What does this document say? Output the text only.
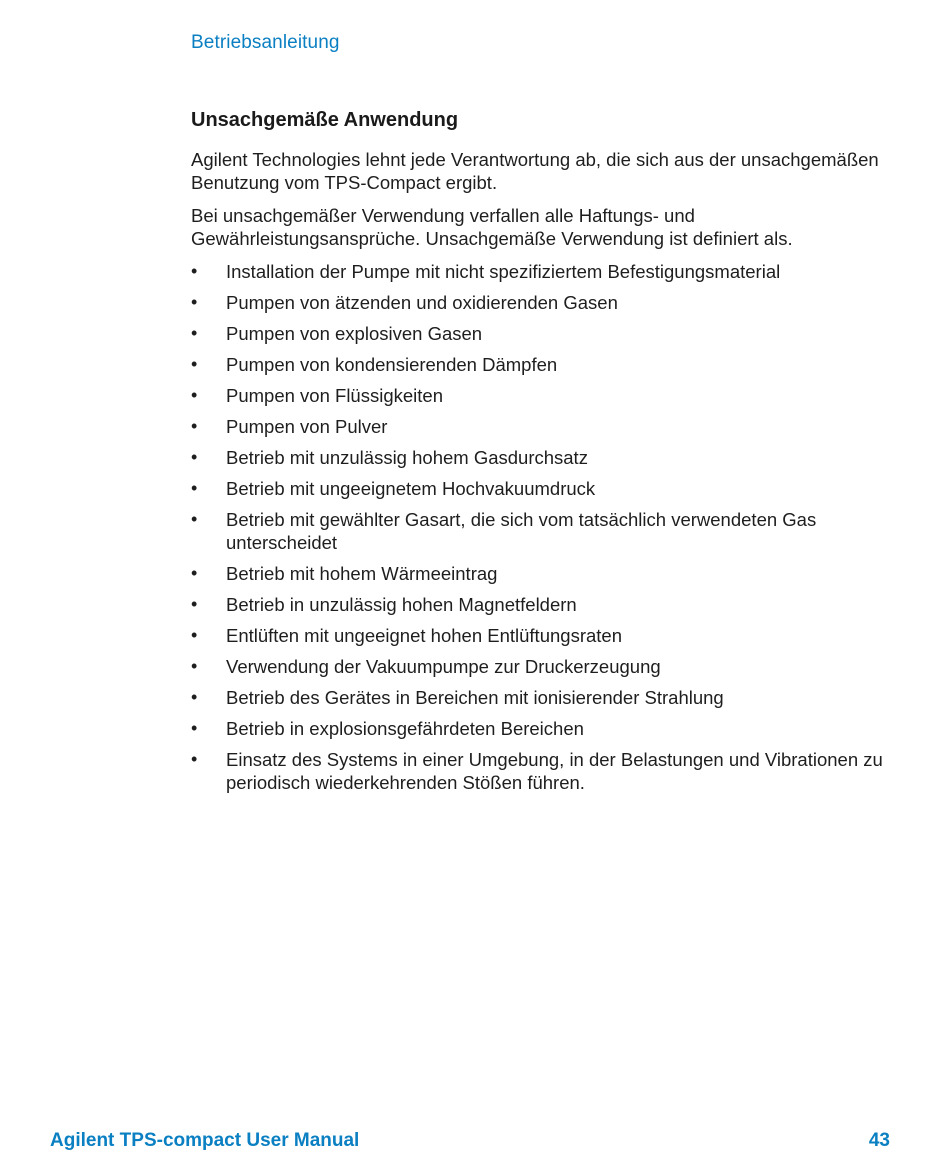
Betriebsanleitung
Unsachgemäße Anwendung

Agilent Technologies lehnt jede Verantwortung ab, die sich aus der unsachgemäßen Benutzung vom TPS-Compact ergibt.

Bei unsachgemäßer Verwendung verfallen alle Haftungs- und Gewährleistungsansprüche. Unsachgemäße Verwendung ist definiert als.

•	Installation der Pumpe mit nicht spezifiziertem Befestigungsmaterial
•	Pumpen von ätzenden und oxidierenden Gasen
•	Pumpen von explosiven Gasen
•	Pumpen von kondensierenden Dämpfen
•	Pumpen von Flüssigkeiten
•	Pumpen von Pulver
•	Betrieb mit unzulässig hohem Gasdurchsatz
•	Betrieb mit ungeeignetem Hochvakuumdruck
•	Betrieb mit gewählter Gasart, die sich vom tatsächlich verwendeten Gas unterscheidet
•	Betrieb mit hohem Wärmeeintrag
•	Betrieb in unzulässig hohen Magnetfeldern
•	Entlüften mit ungeeignet hohen Entlüftungsraten
•	Verwendung der Vakuumpumpe zur Druckerzeugung
•	Betrieb des Gerätes in Bereichen mit ionisierender Strahlung
•	Betrieb in explosionsgefährdeten Bereichen
•	Einsatz des Systems in einer Umgebung, in der Belastungen und Vibrationen zu periodisch wiederkehrenden Stößen führen.
Agilent TPS-compact User Manual	43
